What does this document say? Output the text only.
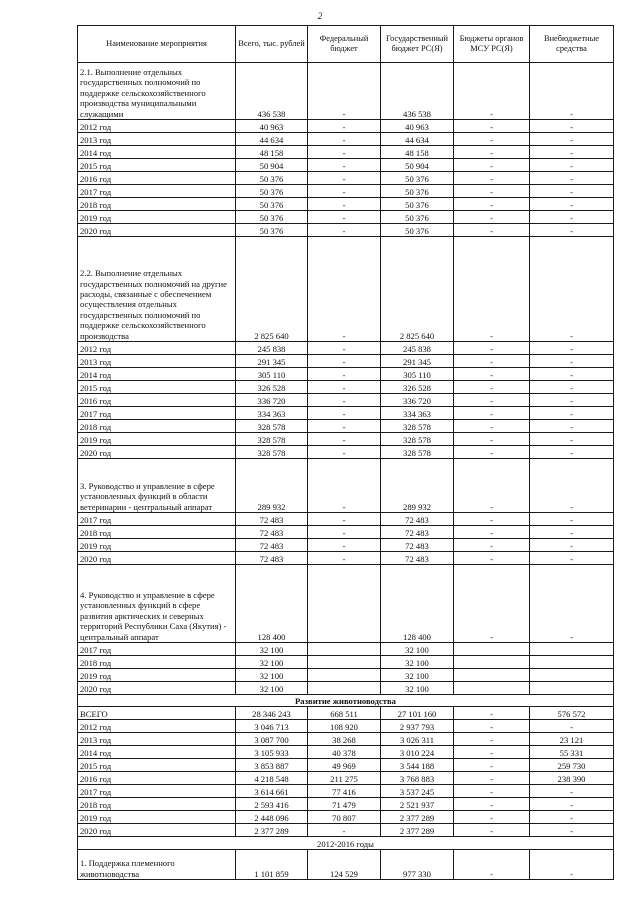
2
Наименование мероприятия	Всего, тыс. рублей	Федеральный бюджет	Государственный бюджет РС(Я)	Бюджеты органов МСУ РС(Я)	Внебюджетные средства
2.1. Выполнение отдельных государственных полномочий по поддержке сельскохозяйственного производства муниципальными служащими	436 538	-	436 538	-	-
2012 год	40 963	-	40 963	-	-
2013 год	44 634	-	44 634	-	-
2014 год	48 158	-	48 158	-	-
2015 год	50 904	-	50 904	-	-
2016 год	50 376	-	50 376	-	-
2017 год	50 376	-	50 376	-	-
2018 год	50 376	-	50 376	-	-
2019 год	50 376	-	50 376	-	-
2020 год	50 376	-	50 376	-	-
2.2. Выполнение отдельных государственных полномочий на другие расходы, связанные с обеспечением осуществления отдельных государственных полномочий по поддержке сельскохозяйственного производства	2 825 640	-	2 825 640	-	-
2012 год	245 838	-	245 838	-	-
2013 год	291 345	-	291 345	-	-
2014 год	305 110	-	305 110	-	-
2015 год	326 528	-	326 528	-	-
2016 год	336 720	-	336 720	-	-
2017 год	334 363	-	334 363	-	-
2018 год	328 578	-	328 578	-	-
2019 год	328 578	-	328 578	-	-
2020 год	328 578	-	328 578	-	-
3. Руководство и управление в сфере установленных функций в области ветеринарии - центральный аппарат	289 932	-	289 932	-	-
2017 год	72 483	-	72 483	-	-
2018 год	72 483	-	72 483	-	-
2019 год	72 483	-	72 483	-	-
2020 год	72 483	-	72 483	-	-
4. Руководство и управление в сфере установленных функций в сфере развития арктических и северных территорий Республики Саха (Якутия) - центральный аппарат	128 400		128 400	-	-
2017 год	32 100		32 100		
2018 год	32 100		32 100		
2019 год	32 100		32 100		
2020 год	32 100		32 100		
Развитие животноводства					
ВСЕГО	28 346 243	668 511	27 101 160	-	576 572
2012 год	3 046 713	108 920	2 937 793	-	-
2013 год	3 087 700	38 268	3 026 311	-	23 121
2014 год	3 105 933	40 378	3 010 224	-	55 331
2015 год	3 853 887	49 969	3 544 188	-	259 730
2016 год	4 218 548	211 275	3 768 883	-	238 390
2017 год	3 614 661	77 416	3 537 245	-	-
2018 год	2 593 416	71 479	2 521 937	-	-
2019 год	2 448 096	70 807	2 377 289	-	-
2020 год	2 377 289	-	2 377 289	-	-
2012-2016 годы					
1. Поддержка племенного животноводства	1 101 859	124 529	977 330	-	-
